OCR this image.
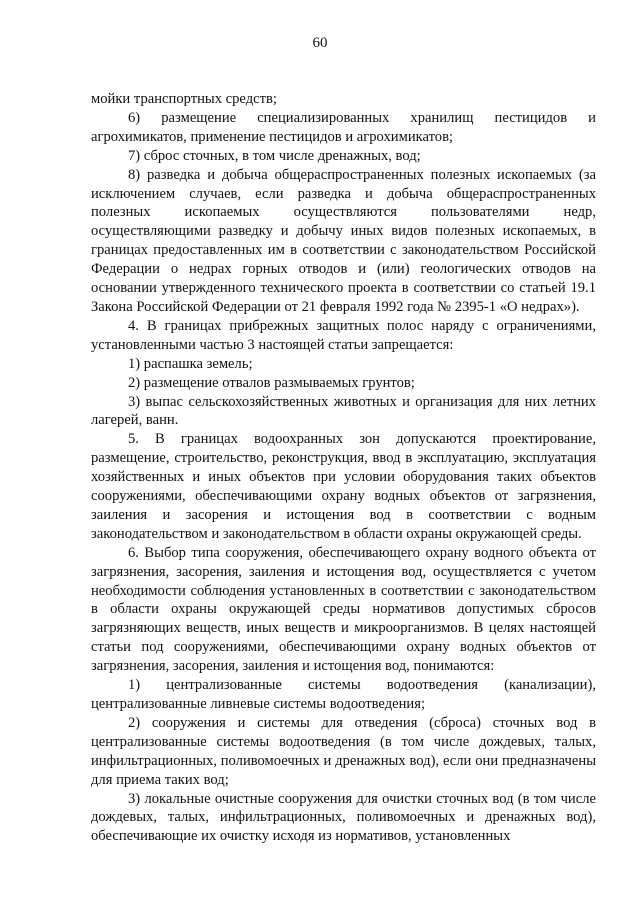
60

мойки транспортных средств;

6) размещение специализированных хранилищ пестицидов и агрохимикатов, применение пестицидов и агрохимикатов;

7) сброс сточных, в том числе дренажных, вод;

8) разведка и добыча общераспространенных полезных ископаемых (за исключением случаев, если разведка и добыча общераспространенных полезных ископаемых осуществляются пользователями недр, осуществляющими разведку и добычу иных видов полезных ископаемых, в границах предоставленных им в соответствии с законодательством Российской Федерации о недрах горных отводов и (или) геологических отводов на основании утвержденного технического проекта в соответствии со статьей 19.1 Закона Российской Федерации от 21 февраля 1992 года № 2395-1 «О недрах»).

4. В границах прибрежных защитных полос наряду с ограничениями, установленными частью 3 настоящей статьи запрещается:

1) распашка земель;

2) размещение отвалов размываемых грунтов;

3) выпас сельскохозяйственных животных и организация для них летних лагерей, ванн.

5. В границах водоохранных зон допускаются проектирование, размещение, строительство, реконструкция, ввод в эксплуатацию, эксплуатация хозяйственных и иных объектов при условии оборудования таких объектов сооружениями, обеспечивающими охрану водных объектов от загрязнения, заиления и засорения и истощения вод в соответствии с водным законодательством и законодательством в области охраны окружающей среды.

6. Выбор типа сооружения, обеспечивающего охрану водного объекта от загрязнения, засорения, заиления и истощения вод, осуществляется с учетом необходимости соблюдения установленных в соответствии с законодательством в области охраны окружающей среды нормативов допустимых сбросов загрязняющих веществ, иных веществ и микроорганизмов. В целях настоящей статьи под сооружениями, обеспечивающими охрану водных объектов от загрязнения, засорения, заиления и истощения вод, понимаются:

1) централизованные системы водоотведения (канализации), централизованные ливневые системы водоотведения;

2) сооружения и системы для отведения (сброса) сточных вод в централизованные системы водоотведения (в том числе дождевых, талых, инфильтрационных, поливомоечных и дренажных вод), если они предназначены для приема таких вод;

3) локальные очистные сооружения для очистки сточных вод (в том числе дождевых, талых, инфильтрационных, поливомоечных и дренажных вод), обеспечивающие их очистку исходя из нормативов, установленных
